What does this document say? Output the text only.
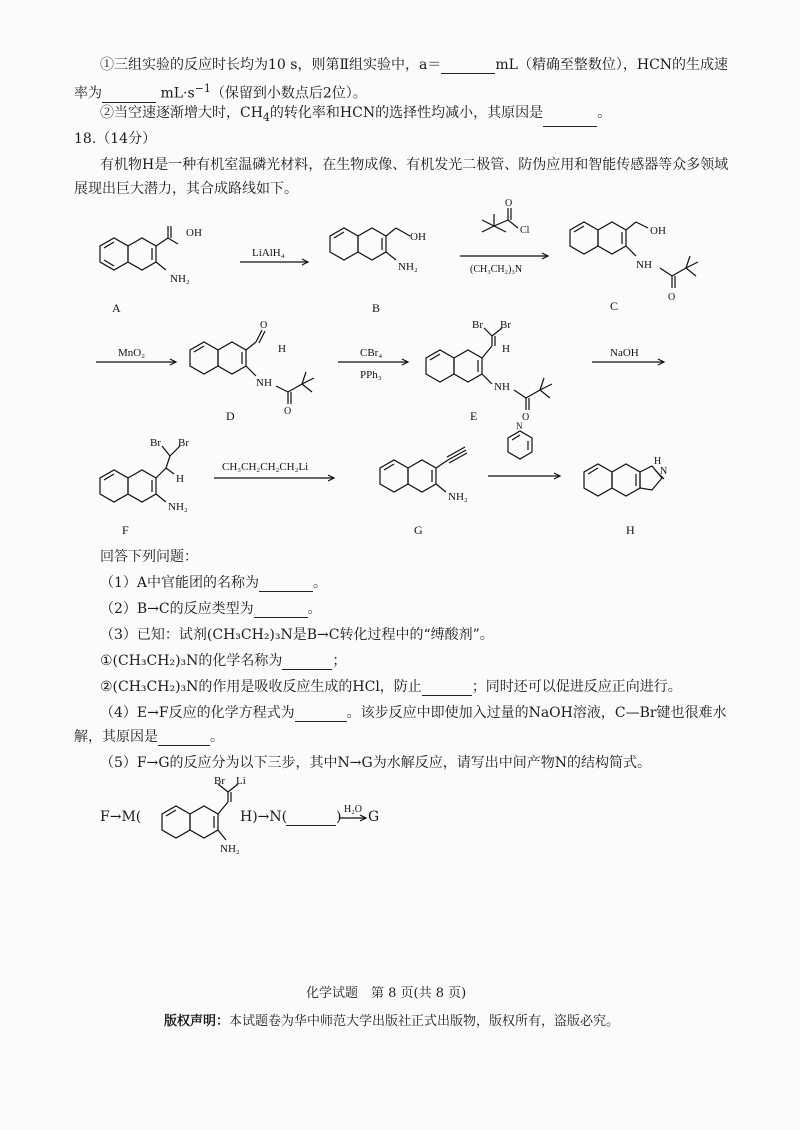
①三组实验的反应时长均为10 s，则第Ⅱ组实验中，a＝	mL（精确至整数位），HCN的生成速
率为	$mL\cdot s^{-1}$（保留到小数点后2位）。
②当空速逐渐增大时，$CH_4$的转化率和HCN的选择性均减小，其原因是	。
18.（14分）
有机物H是一种有机室温磷光材料，在生物成像、有机发光二极管、防伪应用和智能传感器等众多领域
展现出巨大潜力，其合成路线如下。
OH
NH₂
A
LiAlH₄
OH
NH₂
B
O
Cl
(CH₃CH₂)₃N
OH
NH
O
C
MnO₂
O
H
NH
O
D
CBr₄
PPh₃
Br Br
H
NH
O
E
NaOH
Br Br
H
NH₂
F
CH₃CH₂CH₂CH₂Li
NH₂
G
N
H
N
H
Br Li
NH₂
H₂O
回答下列问题：
（1）A中官能团的名称为	。
（2）B→C的反应类型为	。
（3）已知：试剂(CH₃CH₂)₃N是B→C转化过程中的“缚酸剂”。
①(CH₃CH₂)₃N的化学名称为	；
②(CH₃CH₂)₃N的作用是吸收反应生成的HCl，防止	；同时还可以促进反应正向进行。
（4）E→F反应的化学方程式为	。该步反应中即使加入过量的NaOH溶液，C—Br键也很难水
解，其原因是	。
（5）F→G的反应分为以下三步，其中N→G为水解反应，请写出中间产物N的结构简式。
F→M(	H)→N(	) G
化学试题　第 8 页(共 8 页)
版权声明：本试题卷为华中师范大学出版社正式出版物，版权所有，盗版必究。
